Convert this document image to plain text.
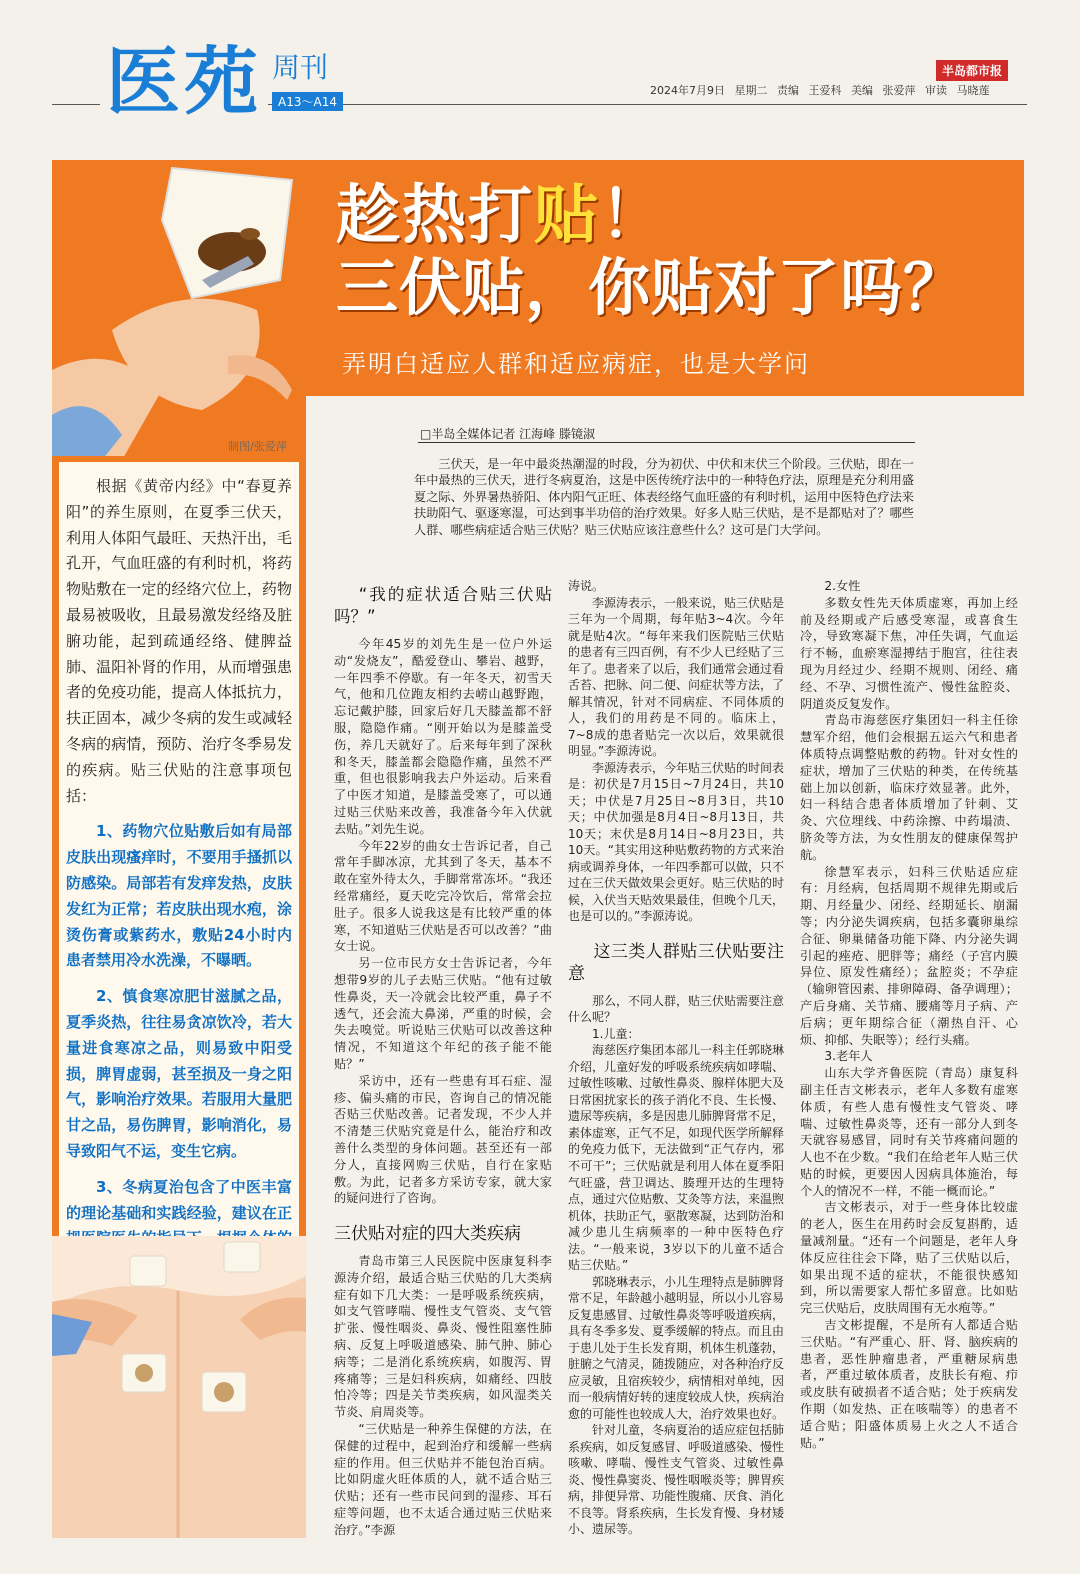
医苑 周刊
A13～A14
半岛都市报
2024年7月9日 星期二 责编 王爱科 美编 张爱萍 审读 马晓莲
趁热打贴！
三伏贴，你贴对了吗？
弄明白适应人群和适应病症，也是大学问
制图/张爱萍

根据《黄帝内经》中“春夏养阳”的养生原则，在夏季三伏天，利用人体阳气最旺、天热汗出，毛孔开，气血旺盛的有利时机，将药物贴敷在一定的经络穴位上，药物最易被吸收，且最易激发经络及脏腑功能，起到疏通经络、健脾益肺、温阳补肾的作用，从而增强患者的免疫功能，提高人体抵抗力，扶正固本，减少冬病的发生或减轻冬病的病情，预防、治疗冬季易发的疾病。贴三伏贴的注意事项包括：

1、药物穴位贴敷后如有局部皮肤出现瘙痒时，不要用手搔抓以防感染。局部若有发痒发热，皮肤发红为正常；若皮肤出现水疱，涂烫伤膏或紫药水，敷贴24小时内患者禁用冷水洗澡，不曝晒。

2、慎食寒凉肥甘滋腻之品，夏季炎热，往往易贪凉饮冷，若大量进食寒凉之品，则易致中阳受损，脾胃虚弱，甚至损及一身之阳气，影响治疗效果。若服用大量肥甘之品，易伤脾胃，影响消化，易导致阳气不运，变生它病。

3、冬病夏治包含了中医丰富的理论基础和实践经验，建议在正

□半岛全媒体记者 江海峰 滕镜淑
三伏天，是一年中最炎热潮湿的时段，分为初伏、中伏和末伏三个阶段。三伏贴，即在一年中最热的三伏天，进行冬病夏治，这是中医传统疗法中的一种特色疗法，原理是充分利用盛夏之际、外界暑热骄阳、体内阳气正旺、体表经络气血旺盛的有利时机，运用中医特色疗法来扶助阳气、驱逐寒湿，可达到事半功倍的治疗效果。好多人贴三伏贴，是不是都贴对了？哪些人群、哪些病症适合贴三伏贴？贴三伏贴应该注意些什么？这可是门大学问。
“我的症状适合贴三伏贴吗？”

今年45岁的刘先生是一位户外运动“发烧友”，酷爱登山、攀岩、越野，一年四季不停歇。有一年冬天，初雪天气，他和几位跑友相约去崂山越野跑，忘记戴护膝，回家后好几天膝盖都不舒服，隐隐作痛。“刚开始以为是膝盖受伤，养几天就好了。后来每年到了深秋和冬天，膝盖都会隐隐作痛，虽然不严重，但也很影响我去户外运动。后来看了中医才知道，是膝盖受寒了，可以通过贴三伏贴来改善，我准备今年入伏就去贴。”刘先生说。

今年22岁的曲女士告诉记者，自己常年手脚冰凉，尤其到了冬天，基本不敢在室外待太久，手脚常常冻坏。“我还经常痛经，夏天吃完冷饮后，常常会拉肚子。很多人说我这是有比较严重的体寒，不知道贴三伏贴是否可以改善？”曲女士说。

另一位市民方女士告诉记者，今年想带9岁的儿子去贴三伏贴。“他有过敏性鼻炎，天一冷就会比较严重，鼻子不透气，还会流大鼻涕，严重的时候，会失去嗅觉。听说贴三伏贴可以改善这种情况，不知道这个年纪的孩子能不能贴？”

采访中，还有一些患有耳石症、湿疹、偏头痛的市民，咨询自己的情况能否贴三伏贴改善。记者发现，不少人并不清楚三伏贴究竟是什么，能治疗和改善什么类型的身体问题。甚至还有一部分人，直接网购三伏贴，自行在家贴敷。为此，记者多方采访专家，就大家的疑问进行了咨询。

三伏贴对症的四大类疾病

青岛市第三人民医院中医康复科李源涛介绍，最适合贴三伏贴的几大类病症有如下几大类：一是呼吸系统疾病，如支气管哮喘、慢性支气管炎、支气管扩张、慢性咽炎、鼻炎、慢性阻塞性肺病、反复上呼吸道感染、肺气肿、肺心病等；二是消化系统疾病，如腹泻、胃疼痛等；三是妇科疾病，如痛经、四肢怕冷等；四是关节类疾病，如风湿类关节炎、肩周炎等。

“三伏贴是一种养生保健的方法，在保健的过程中，起到治疗和缓解一些病症的作用。但三伏贴并不能包治百病。比如阴虚火旺体质的人，就不适合贴三伏贴；还有一些市民问到的湿疹、耳石症等问题，也不太适合通过贴三伏贴来治疗。”李源

涛说。

李源涛表示，一般来说，贴三伏贴是三年为一个周期，每年贴3~4次。今年就是贴4次。“每年来我们医院贴三伏贴的患者有三四百例，有不少人已经贴了三年了。患者来了以后，我们通常会通过看舌苔、把脉、问二便、问症状等方法，了解其情况，针对不同病症、不同体质的人，我们的用药是不同的。临床上，7~8成的患者贴完一次以后，效果就很明显。”李源涛说。

李源涛表示，今年贴三伏贴的时间表是：初伏是7月15日~7月24日，共10天；中伏是7月25日~8月3日，共10天；中伏加强是8月4日~8月13日，共10天；末伏是8月14日~8月23日，共10天。“其实用这种贴敷药物的方式来治病或调养身体，一年四季都可以做，只不过在三伏天做效果会更好。贴三伏贴的时候，入伏当天贴效果最佳，但晚个几天，也是可以的。”李源涛说。

这三类人群贴三伏贴要注意

那么，不同人群，贴三伏贴需要注意什么呢？

1.儿童：

海慈医疗集团本部儿一科主任郭晓琳介绍，儿童好发的呼吸系统疾病如哮喘、过敏性咳嗽、过敏性鼻炎、腺样体肥大及日常困扰家长的孩子消化不良、生长慢、遗尿等疾病，多是因患儿肺脾肾常不足，素体虚寒，正气不足，如现代医学所解释的免疫力低下，无法做到“正气存内，邪不可干”；三伏贴就是利用人体在夏季阳气旺盛，营卫调达、腠理开达的生理特点，通过穴位贴敷、艾灸等方法，来温煦机体，扶助正气，驱散寒凝，达到防治和减少患儿生病频率的一种中医特色疗法。“一般来说，3岁以下的儿童不适合贴三伏贴。”

郭晓琳表示，小儿生理特点是肺脾肾常不足，年龄越小越明显，所以小儿容易反复患感冒、过敏性鼻炎等呼吸道疾病，具有冬季多发、夏季缓解的特点。而且由于患儿处于生长发育期，机体生机蓬勃，脏腑之气清灵，随拨随应，对各种治疗反应灵敏，且宿疾较少，病情相对单纯，因而一般病情好转的速度较成人快，疾病治愈的可能性也较成人大，治疗效果也好。

针对儿童，冬病夏治的适应症包括肺系疾病，如反复感冒、呼吸道感染、慢性咳嗽、哮喘、慢性支气管炎、过敏性鼻炎、慢性鼻窦炎、慢性咽喉炎等；脾胃疾病，排便异常、功能性腹痛、厌食、消化不良等。肾系疾病，生长发育慢、身材矮小、遗尿等。

2.女性

多数女性先天体质虚寒，再加上经前及经期或产后感受寒湿，或喜食生冷，导致寒凝下焦，冲任失调，气血运行不畅，血瘀寒湿搏结于胞宫，往往表现为月经过少、经期不规则、闭经、痛经、不孕、习惯性流产、慢性盆腔炎、阴道炎反复发作。

青岛市海慈医疗集团妇一科主任徐慧军介绍，他们会根据五运六气和患者体质特点调整贴敷的药物。针对女性的症状，增加了三伏贴的种类，在传统基础上加以创新，临床疗效显著。此外，妇一科结合患者体质增加了针刺、艾灸、穴位埋线、中药涂擦、中药塌渍、脐灸等方法，为女性朋友的健康保驾护航。

徐慧军表示，妇科三伏贴适应症有：月经病，包括周期不规律先期或后期、月经量少、闭经、经期延长、崩漏等；内分泌失调疾病，包括多囊卵巢综合征、卵巢储备功能下降、内分泌失调引起的痤疮、肥胖等；痛经（子宫内膜异位、原发性痛经）；盆腔炎；不孕症（输卵管因素、排卵障碍、备孕调理）；产后身痛、关节痛、腰痛等月子病、产后病；更年期综合征（潮热自汗、心烦、抑郁、失眠等）；经行头痛。

3.老年人

山东大学齐鲁医院（青岛）康复科副主任吉文彬表示，老年人多数有虚寒体质，有些人患有慢性支气管炎、哮喘、过敏性鼻炎等，还有一部分人到冬天就容易感冒，同时有关节疼痛问题的人也不在少数。“我们在给老年人贴三伏贴的时候，更要因人因病具体施治，每个人的情况不一样，不能一概而论。”

吉文彬表示，对于一些身体比较虚的老人，医生在用药时会反复斟酌，适量减剂量。“还有一个问题是，老年人身体反应往往会下降，贴了三伏贴以后，如果出现不适的症状，不能很快感知到，所以需要家人帮忙多留意。比如贴完三伏贴后，皮肤周围有无水疱等。”

吉文彬提醒，不是所有人都适合贴三伏贴。“有严重心、肝、肾、脑疾病的患者，恶性肿瘤患者，严重糖尿病患者，严重过敏体质者，皮肤长有疱、疖或皮肤有破损者不适合贴；处于疾病发作期（如发热、正在咳喘等）的患者不适合贴；阳盛体质易上火之人不适合贴。”
